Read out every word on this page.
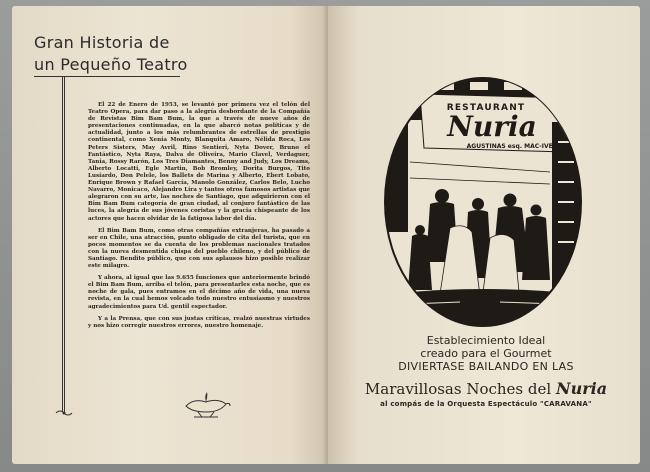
Gran Historia de
un Pequeño Teatro

El 22 de Enero de 1953, se levantó por primera vez el telón del Teatro Opera, para dar paso a la alegría desbordante de la Compañía de Revistas Bim Bam Bum, la que a través de nueve años de presentaciones continuadas, en la que abarcó notas políticas y de actualidad, junto a los más relumbrantes de estrellas de prestigio continental, como Xenia Monty, Blanquita Amaro, Nélida Roca, Los Peters Sisters, May Avril, Rino Sentieri, Nyta Dover, Bruno el Fantástico, Nyta Raya, Dalva de Oliveira, Mario Clavel, Verdaguer, Tania, Rossy Rarón, Los Tres Diamantes, Benny and Judy, Los Dreams, Alberto Locatti, Egle Martin, Bob Bromley, Dorita Burgos, Tito Lusiardo, Don Pelele, los Ballets de Marina y Alberto, Ebert Lobato, Enrique Brown y Rafael García, Manolo González, Carlos Belo, Lucho Navarro, Monicaco, Alejandro Lira y tantos otros famosos artistas que alegraron con su arte, las noches de Santiago, que adquirieron con el Bim Bam Bum categoría de gran ciudad, al conjuro fantástico de las luces, la alegría de sus jóvenes coristas y la gracia chispeante de los actores que hacen olvidar de la fatigosa labor del día.

El Bim Bam Bum, como otras compañías extranjeras, ha pasado a ser en Chile, una atracción, punto obligado de cita del turista, que en pocos momentos se da cuenta de los problemas nacionales tratados con la nueva desmentida chispa del pueblo chileno, y del público de Santiago. Bendito público, que con sus aplausos hizo posible realizar este milagro.

Y ahora, al igual que las 9.655 funciones que anteriormente brindó el Bim Bam Bum, arriba el telón, para presentarles esta noche, que es noche de gala, pues entramos en el décimo año de vida, una nueva revista, en la cual hemos volcado todo nuestro entusiasmo y nuestros agradecimientos para Ud. gentil espectador.

Y a la Prensa, que con sus justas críticas, realzó nuestras virtudes y nos hizo corregir nuestros errores, nuestro homenaje.

RESTAURANT
Nuria
AGUSTINAS esq. MAC-IVER
Establecimiento Ideal
creado para el Gourmet
DIVIERTASE BAILANDO EN LAS
Maravillosas Noches del Nuria
al compás de la Orquesta Espectáculo "CARAVANA"
